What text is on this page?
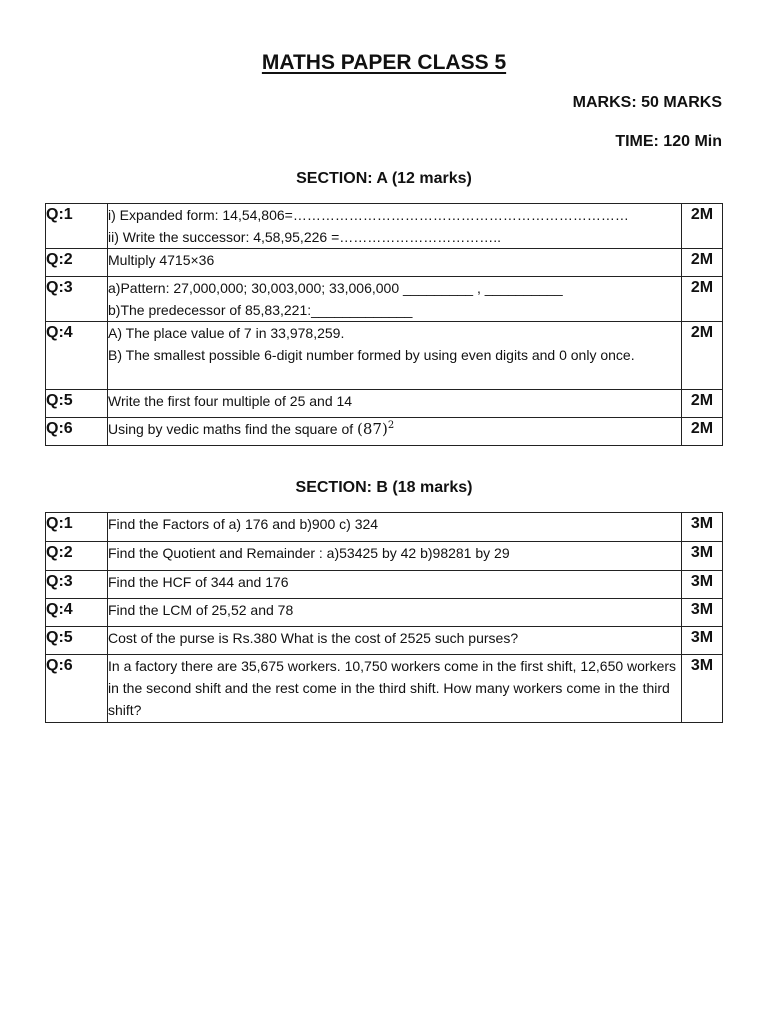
MATHS PAPER CLASS 5
MARKS: 50 MARKS
TIME: 120 Min
SECTION: A (12 marks)
Q:1	i) Expanded form: 14,54,806=………………………………………………………………
ii) Write the successor: 4,58,95,226 =……………………………..	2M
Q:2	Multiply 4715×36	2M
Q:3	a)Pattern: 27,000,000; 30,003,000; 33,006,000 _________ , __________
b)The predecessor of 85,83,221:_____________	2M
Q:4	A) The place value of 7 in 33,978,259.
B) The smallest possible 6-digit number formed by using even digits and 0 only once.	2M
Q:5	Write the first four multiple of 25 and 14	2M
Q:6	Using by vedic maths find the square of $(87)^2$	2M
SECTION: B (18 marks)
Q:1	Find the Factors of a) 176 and b)900 c) 324	3M
Q:2	Find the Quotient and Remainder : a)53425 by 42 b)98281 by 29	3M
Q:3	Find the HCF of 344 and 176	3M
Q:4	Find the LCM of 25,52 and 78	3M
Q:5	Cost of the purse is Rs.380 What is the cost of 2525 such purses?	3M
Q:6	In a factory there are 35,675 workers. 10,750 workers come in the first shift, 12,650 workers in the second shift and the rest come in the third shift. How many workers come in the third shift?	3M
